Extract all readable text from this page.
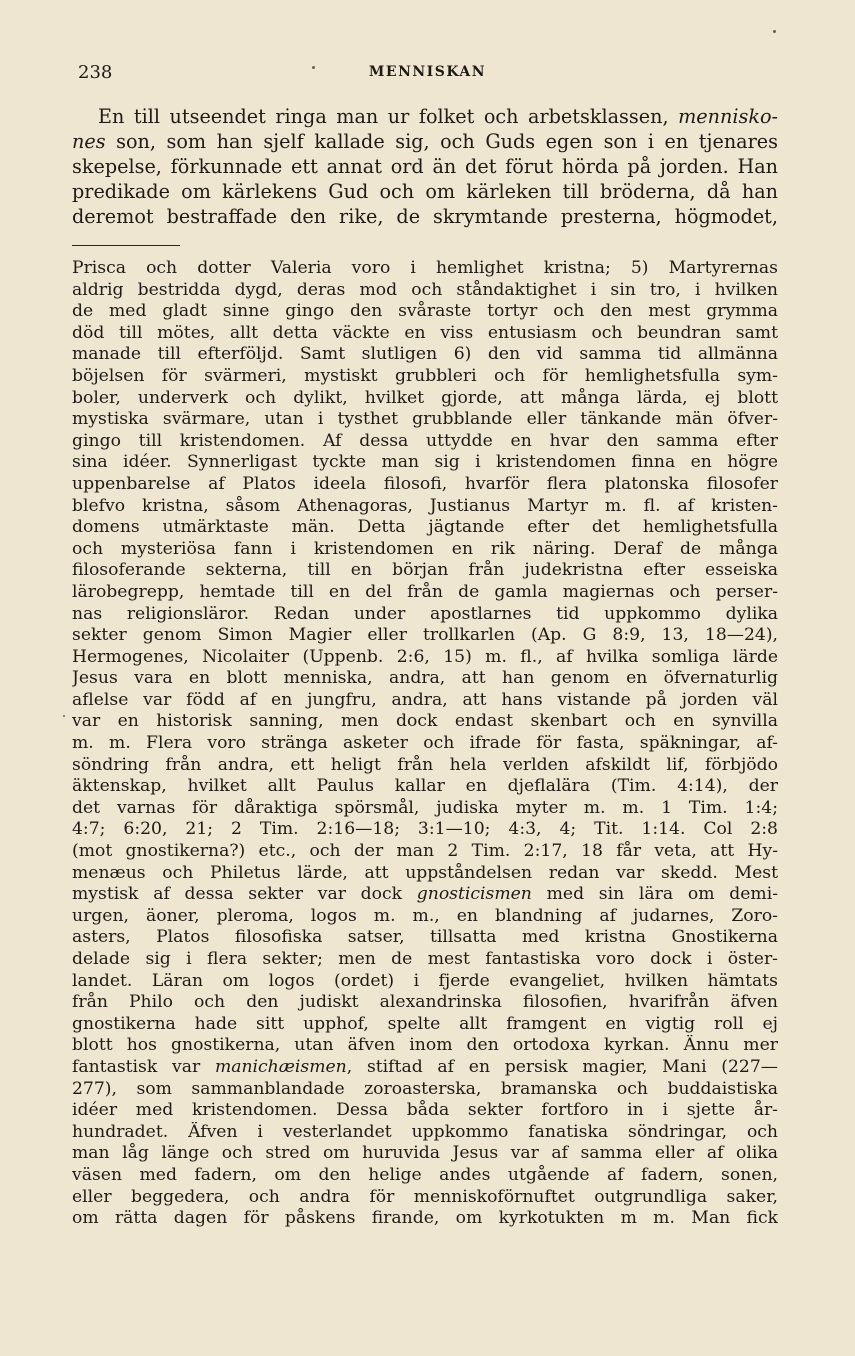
238	MENNISKAN
En till utseendet ringa man ur folket och arbetsklassen, menniskо-
nes son, som han sjelf kallade sig, och Guds egen son i en tjenares
skepelse, förkunnade ett annat ord än det förut hörda på jorden. Han
predikade om kärlekens Gud och om kärleken till bröderna, då han
deremot bestraffade den rike, de skrymtande presterna, högmodet,
Prisca och dotter Valeria voro i hemlighet kristna; 5) Martyrernas
aldrig bestridda dygd, deras mod och ståndaktighet i sin tro, i hvilken
de med gladt sinne gingo den svåraste tortyr och den mest grymma
död till mötes, allt detta väckte en viss entusiasm och beundran samt
manade till efterföljd. Samt slutligen 6) den vid samma tid allmänna
böjelsen för svärmeri, mystiskt grubbleri och för hemlighetsfulla sym-
boler, underverk och dylikt, hvilket gjorde, att många lärda, ej blott
mystiska svärmare, utan i tysthet grubblande eller tänkande män öfver-
gingo till kristendomen. Af dessa uttydde en hvar den samma efter
sina idéer. Synnerligast tyckte man sig i kristendomen finna en högre
uppenbarelse af Platos ideela filosofi, hvarför flera platonska filosofer
blefvo kristna, såsom Athenagoras, Justianus Martyr m. fl. af kristen-
domens utmärktaste män. Detta jägtande efter det hemlighetsfulla
och mysteriösa fann i kristendomen en rik näring. Deraf de många
filosoferande sekterna, till en början från judekristna efter esseiska
lärobegrepp, hemtade till en del från de gamla magiernas och perser-
nas religionsläror. Redan under apostlarnes tid uppkommo dylika
sekter genom Simon Magier eller trollkarlen (Ap. G 8:9, 13, 18—24),
Hermogenes, Nicolaiter (Uppenb. 2:6, 15) m. fl., af hvilka somliga lärde
Jesus vara en blott menniska, andra, att han genom en öfvernaturlig
aflelse var född af en jungfru, andra, att hans vistande på jorden väl
var en historisk sanning, men dock endast skenbart och en synvilla
m. m. Flera voro stränga asketer och ifrade för fasta, späkningar, af-
söndring från andra, ett heligt från hela verlden afskildt lif, förbjödo
äktenskap, hvilket allt Paulus kallar en djeflalära (Tim. 4:14), der
det varnas för dåraktiga spörsmål, judiska myter m. m. 1 Tim. 1:4;
4:7; 6:20, 21; 2 Tim. 2:16—18; 3:1—10; 4:3, 4; Tit. 1:14. Col 2:8
(mot gnostikerna?) etc., och der man 2 Tim. 2:17, 18 får veta, att Hy-
menæus och Philetus lärde, att uppståndelsen redan var skedd. Mest
mystisk af dessa sekter var dock gnosticismen med sin lära om demi-
urgen, äoner, pleroma, logos m. m., en blandning af judarnes, Zoro-
asters, Platos filosofiska satser, tillsatta med kristna Gnostikerna
delade sig i flera sekter; men de mest fantastiska voro dock i öster-
landet. Läran om logos (ordet) i fjerde evangeliet, hvilken hämtats
från Philo och den judiskt alexandrinska filosofien, hvarifrån äfven
gnostikerna hade sitt upphof, spelte allt framgent en vigtig roll ej
blott hos gnostikerna, utan äfven inom den ortodoxa kyrkan. Ännu mer
fantastisk var manichæismen, stiftad af en persisk magier, Mani (227—
277), som sammanblandade zoroasterska, bramanska och buddaistiska
idéer med kristendomen. Dessa båda sekter fortforo in i sjette år-
hundradet. Äfven i vesterlandet uppkommo fanatiska söndringar, och
man låg länge och stred om huruvida Jesus var af samma eller af olika
väsen med fadern, om den helige andes utgående af fadern, sonen,
eller beggedera, och andra för menniskoförnuftet outgrundliga saker,
om rätta dagen för påskens firande, om kyrkotukten m m. Man fick
